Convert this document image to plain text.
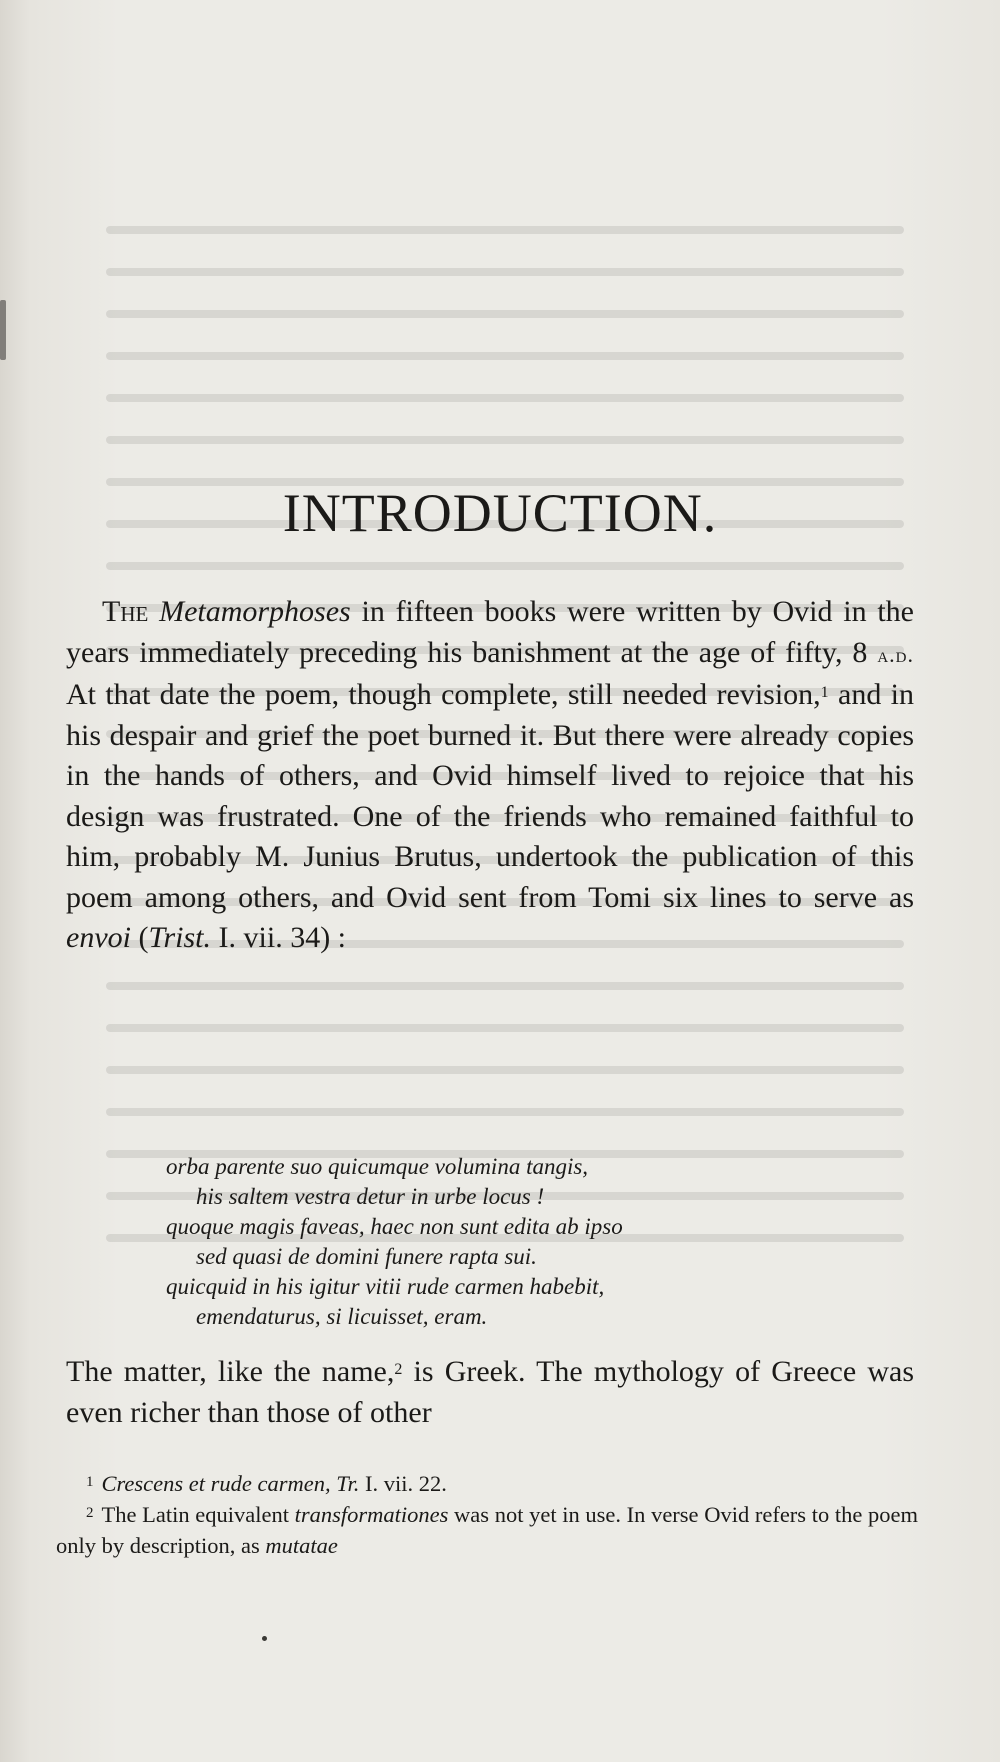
INTRODUCTION.

The Metamorphoses in fifteen books were written by Ovid in the years immediately preceding his banishment at the age of fifty, 8 a.d. At that date the poem, though complete, still needed revision,$^1$ and in his despair and grief the poet burned it. But there were already copies in the hands of others, and Ovid himself lived to rejoice that his design was frustrated. One of the friends who remained faithful to him, probably M. Junius Brutus, undertook the publication of this poem among others, and Ovid sent from Tomi six lines to serve as envoi (Trist. I. vii. 34) :

orba parente suo quicumque volumina tangis,
his saltem vestra detur in urbe locus !
quoque magis faveas, haec non sunt edita ab ipso
sed quasi de domini funere rapta sui.
quicquid in his igitur vitii rude carmen habebit,
emendaturus, si licuisset, eram.

The matter, like the name,$^2$ is Greek. The mythology of Greece was even richer than those of other

$^1$ Crescens et rude carmen, Tr. I. vii. 22.
$^2$ The Latin equivalent transformationes was not yet in use. In verse Ovid refers to the poem only by description, as mutatae
